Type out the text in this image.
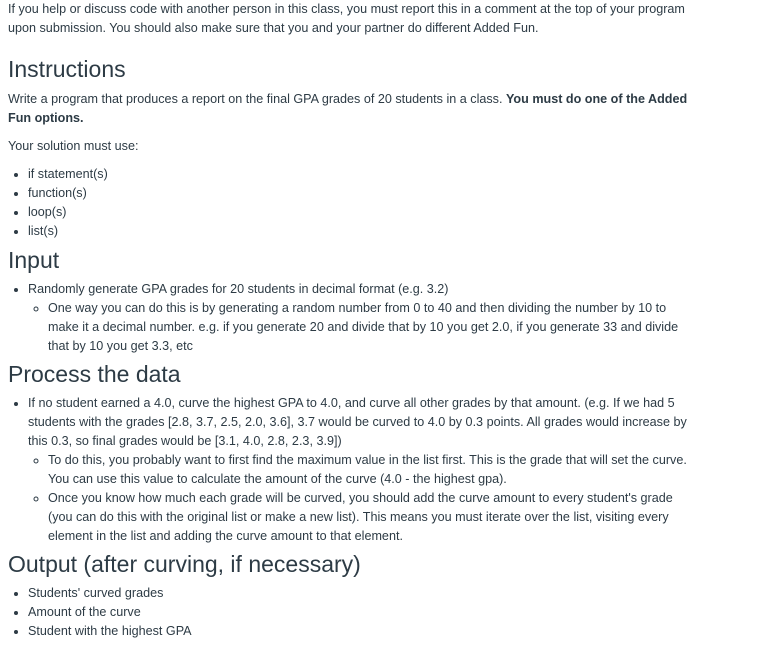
If you help or discuss code with another person in this class, you must report this in a comment at the top of your program upon submission. You should also make sure that you and your partner do different Added Fun.

Instructions

Write a program that produces a report on the final GPA grades of 20 students in a class. You must do one of the Added Fun options.

Your solution must use:

• if statement(s)
• function(s)
• loop(s)
• list(s)
Input
• Randomly generate GPA grades for 20 students in decimal format (e.g. 3.2)
◦ One way you can do this is by generating a random number from 0 to 40 and then dividing the number by 10 to make it a decimal number. e.g. if you generate 20 and divide that by 10 you get 2.0, if you generate 33 and divide that by 10 you get 3.3, etc
Process the data
• If no student earned a 4.0, curve the highest GPA to 4.0, and curve all other grades by that amount. (e.g. If we had 5 students with the grades [2.8, 3.7, 2.5, 2.0, 3.6], 3.7 would be curved to 4.0 by 0.3 points. All grades would increase by this 0.3, so final grades would be [3.1, 4.0, 2.8, 2.3, 3.9])
◦ To do this, you probably want to first find the maximum value in the list first. This is the grade that will set the curve. You can use this value to calculate the amount of the curve (4.0 - the highest gpa).
◦ Once you know how much each grade will be curved, you should add the curve amount to every student's grade (you can do this with the original list or make a new list). This means you must iterate over the list, visiting every element in the list and adding the curve amount to that element.
Output (after curving, if necessary)
• Students' curved grades
• Amount of the curve
• Student with the highest GPA
